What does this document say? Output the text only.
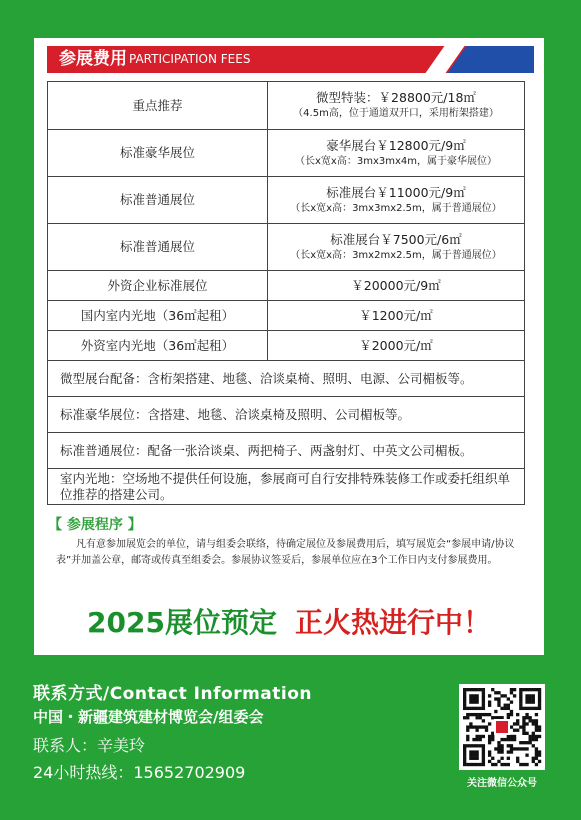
参展费用 PARTICIPATION FEES
重点推荐	微型特装：￥28800元/18㎡
（4.5m高，位于通道双开口，采用桁架搭建）

标准豪华展位	豪华展台￥12800元/9㎡
（长x宽x高：3mx3mx4m，属于豪华展位）

标准普通展位	标准展台￥11000元/9㎡
（长x宽x高：3mx3mx2.5m，属于普通展位）

标准普通展位	标准展台￥7500元/6㎡
（长x宽x高：3mx2mx2.5m，属于普通展位）

外资企业标准展位	￥20000元/9㎡
国内室内光地（36㎡起租）	￥1200元/㎡
外资室内光地（36㎡起租）	￥2000元/㎡
微型展台配备：含桁架搭建、地毯、洽谈桌椅、照明、电源、公司楣板等。	
标准豪华展位：含搭建、地毯、洽谈桌椅及照明、公司楣板等。	
标准普通展位：配备一张洽谈桌、两把椅子、两盏射灯、中英文公司楣板。	
室内光地：空场地不提供任何设施，参展商可自行安排特殊装修工作或委托组织单位推荐的搭建公司。	
【 参展程序 】
凡有意参加展览会的单位，请与组委会联络，待确定展位及参展费用后，填写展览会“参展申请/协议表”并加盖公章，邮寄或传真至组委会。参展协议签妥后，参展单位应在3个工作日内支付参展费用。
2025展位预定 正火热进行中！
联系方式/Contact Information
中国・新疆建筑建材博览会/组委会
联系人：辛美玲
24小时热线：15652702909
关注微信公众号
